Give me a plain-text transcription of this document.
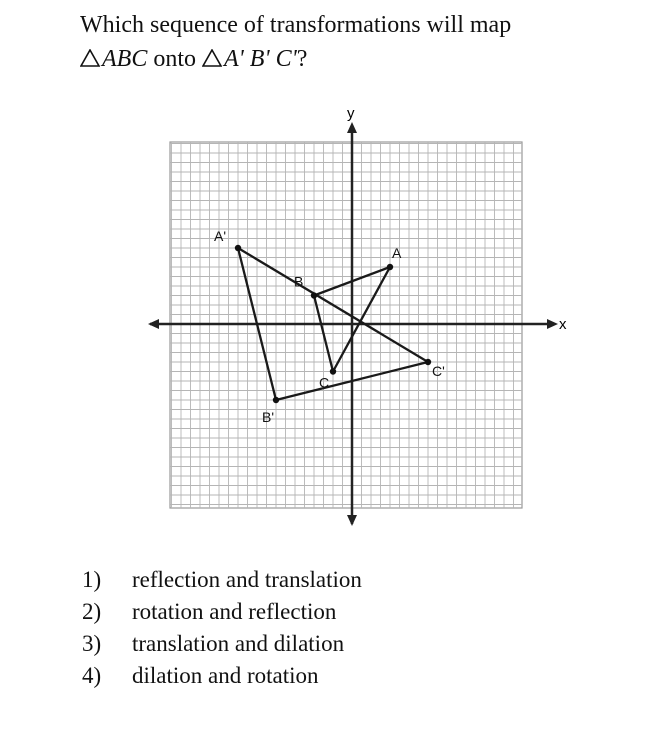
Which sequence of transformations will map
ABC onto
A' B' C'?
x
y
A
B
C
A'
B'
C'
1)	reflection and translation
2)	rotation and reflection
3)	translation and dilation
4)	dilation and rotation
